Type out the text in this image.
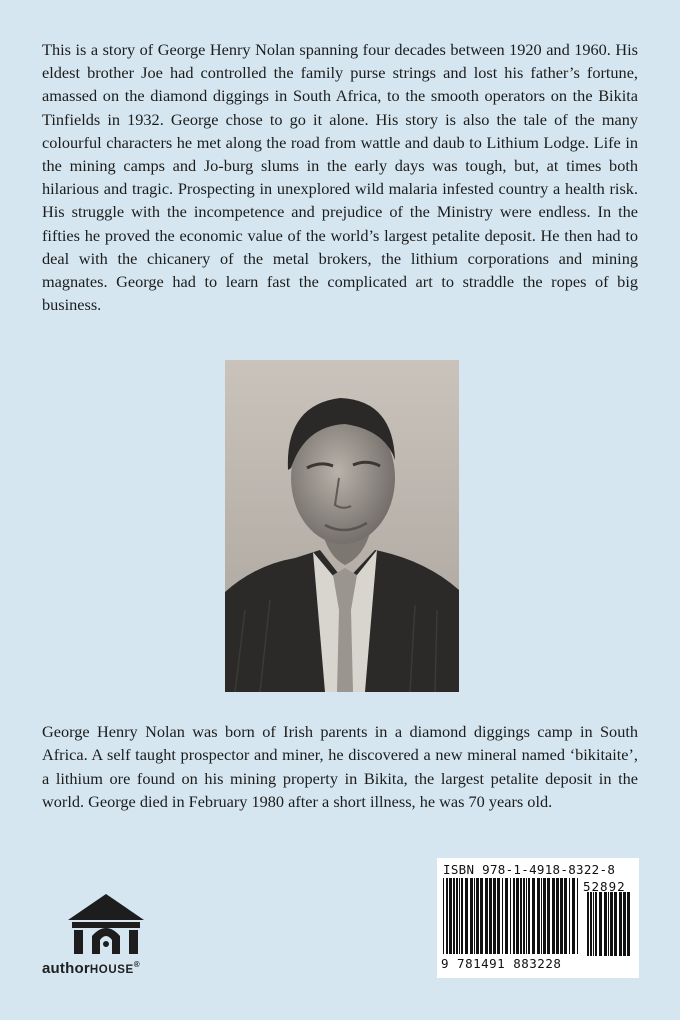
This is a story of George Henry Nolan spanning four decades between 1920 and 1960. His eldest brother Joe had controlled the family purse strings and lost his father’s fortune, amassed on the diamond diggings in South Africa, to the smooth operators on the Bikita Tinfields in 1932. George chose to go it alone. His story is also the tale of the many colourful characters he met along the road from wattle and daub to Lithium Lodge. Life in the mining camps and Jo-burg slums in the early days was tough, but, at times both hilarious and tragic. Prospecting in unexplored wild malaria infested country a health risk. His struggle with the incompetence and prejudice of the Ministry were endless. In the fifties he proved the economic value of the world’s largest petalite deposit. He then had to deal with the chicanery of the metal brokers, the lithium corporations and mining magnates. George had to learn fast the complicated art to straddle the ropes of big business.

George Henry Nolan was born of Irish parents in a diamond diggings camp in South Africa. A self taught prospector and miner, he discovered a new mineral named ‘bikitaite’, a lithium ore found on his mining property in Bikita, the largest petalite deposit in the world. George died in February 1980 after a short illness, he was 70 years old.

authorHOUSE®
ISBN 978-1-4918-8322-8
52892
9 781491 883228
